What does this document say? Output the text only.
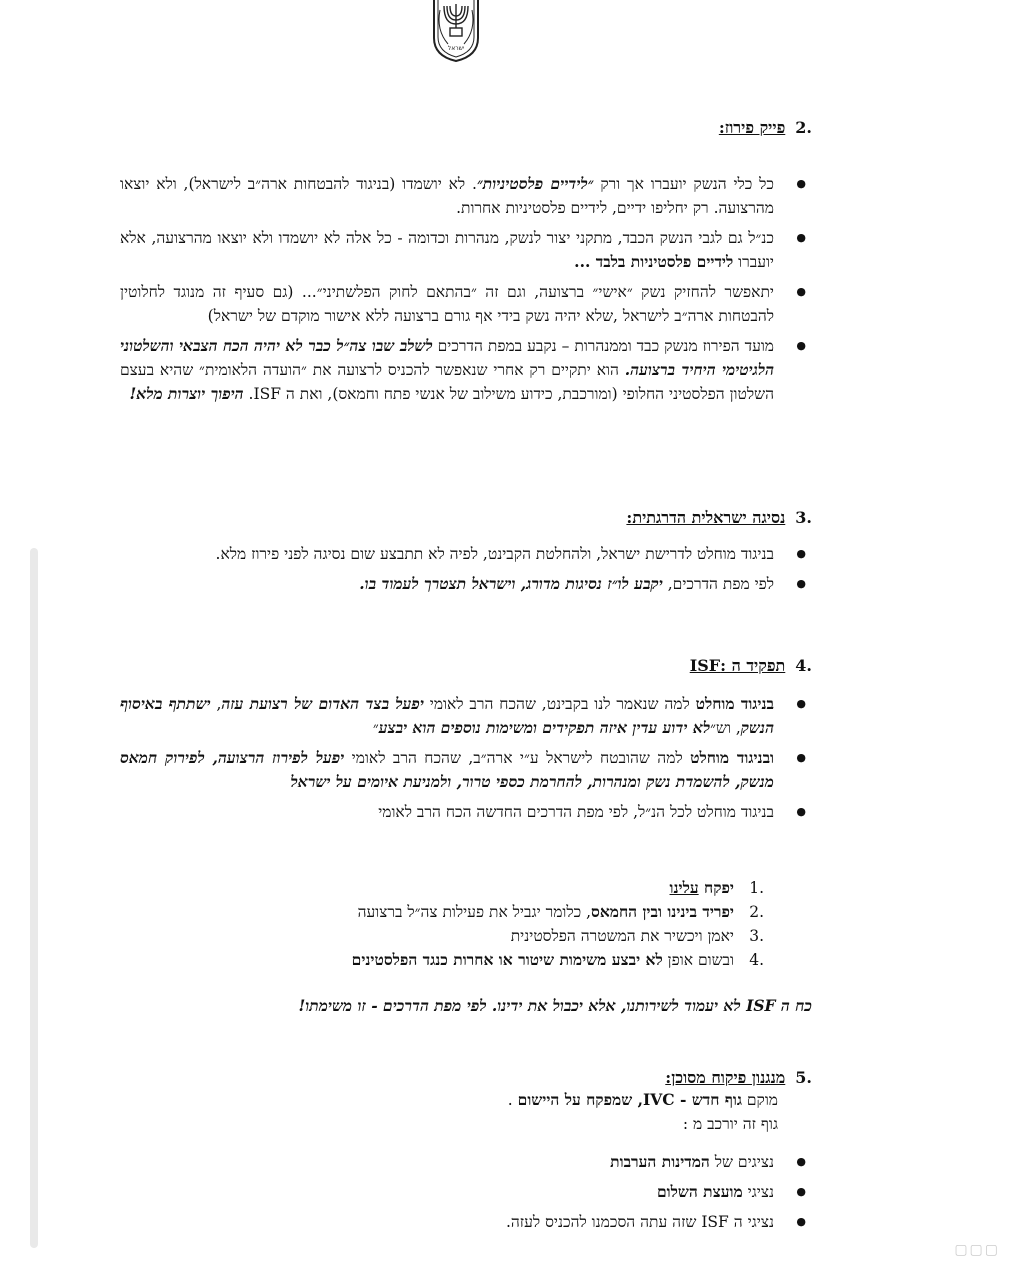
ישראל
.2
פייק פירוז:
● כל כלי הנשק יועברו אך ורק ״לידיים פלסטיניות״. לא יושמדו (בניגוד להבטחות ארה״ב לישראל), ולא יוצאו מהרצועה. רק יחליפו ידיים, לידיים פלסטיניות אחרות.
● כנ״ל גם לגבי הנשק הכבד, מתקני יצור לנשק, מנהרות וכדומה - כל אלה לא יושמדו ולא יוצאו מהרצועה, אלא יועברו לידיים פלסטיניות בלבד ...
● יתאפשר להחזיק נשק ״אישי״ ברצועה, וגם זה ״בהתאם לחוק הפלשתיני״... (גם סעיף זה מנוגד לחלוטין להבטחות ארה״ב לישראל ,שלא יהיה נשק בידי אף גורם ברצועה ללא אישור מוקדם של ישראל)
● מועד הפירוז מנשק כבד וממנהרות – נקבע במפת הדרכים לשלב שבו צה״ל כבר לא יהיה הכח הצבאי והשלטוני הלגיטימי היחיד ברצועה. הוא יתקיים רק אחרי שנאפשר להכניס לרצועה את ״הועדה הלאומית״ שהיא בעצם השלטון הפלסטיני החלופי (ומורכבת, כידוע משילוב של אנשי פתח וחמאס), ואת ה ISF. היפוך יוצרות מלא!
.3
נסיגה ישראלית הדרגתית:
● בניגוד מוחלט לדרישת ישראל, ולהחלטת הקבינט, לפיה לא תתבצע שום נסיגה לפני פירוז מלא.
● לפי מפת הדרכים, יקבע לו״ז נסיגות מדורג, וישראל תצטרך לעמוד בו.
.4
תפקיד ה :ISF
● בניגוד מוחלט למה שנאמר לנו בקבינט, שהכח הרב לאומי יפעל בצד האדום של רצועת עזה, ישתתף באיסוף הנשק, וש״לא ידוע עדין איזה תפקידים ומשימות נוספים הוא יבצע״
● ובניגוד מוחלט למה שהובטח לישראל ע״י ארה״ב, שהכח הרב לאומי יפעל לפירוז הרצועה, לפירוק חמאס מנשק, להשמדת נשק ומנהרות, להחרמת כספי טרור, ולמניעת איומים על ישראל
● בניגוד מוחלט לכל הנ״ל, לפי מפת הדרכים החדשה הכח הרב לאומי
.1
יפקח עלינו
.2
יפריד בינינו ובין החמאס, כלומר יגביל את פעילות צה״ל ברצועה
.3
יאמן ויכשיר את המשטרה הפלסטינית
.4
ובשום אופן לא יבצע משימות שיטור או אחרות כנגד הפלסטינים
כח ה ISF לא יעמוד לשירותנו, אלא יכבול את ידינו. לפי מפת הדרכים - זו משימתו!
.5
מנגנון פיקוח מסוכן:
מוקם גוף חדש - IVC, שמפקח על היישום .
גוף זה יורכב מ :
● נציגים של המדינות הערבות
● נציגי מועצת השלום
● נציגי ה ISF שזה עתה הסכמנו להכניס לעזה.
▢▢▢
